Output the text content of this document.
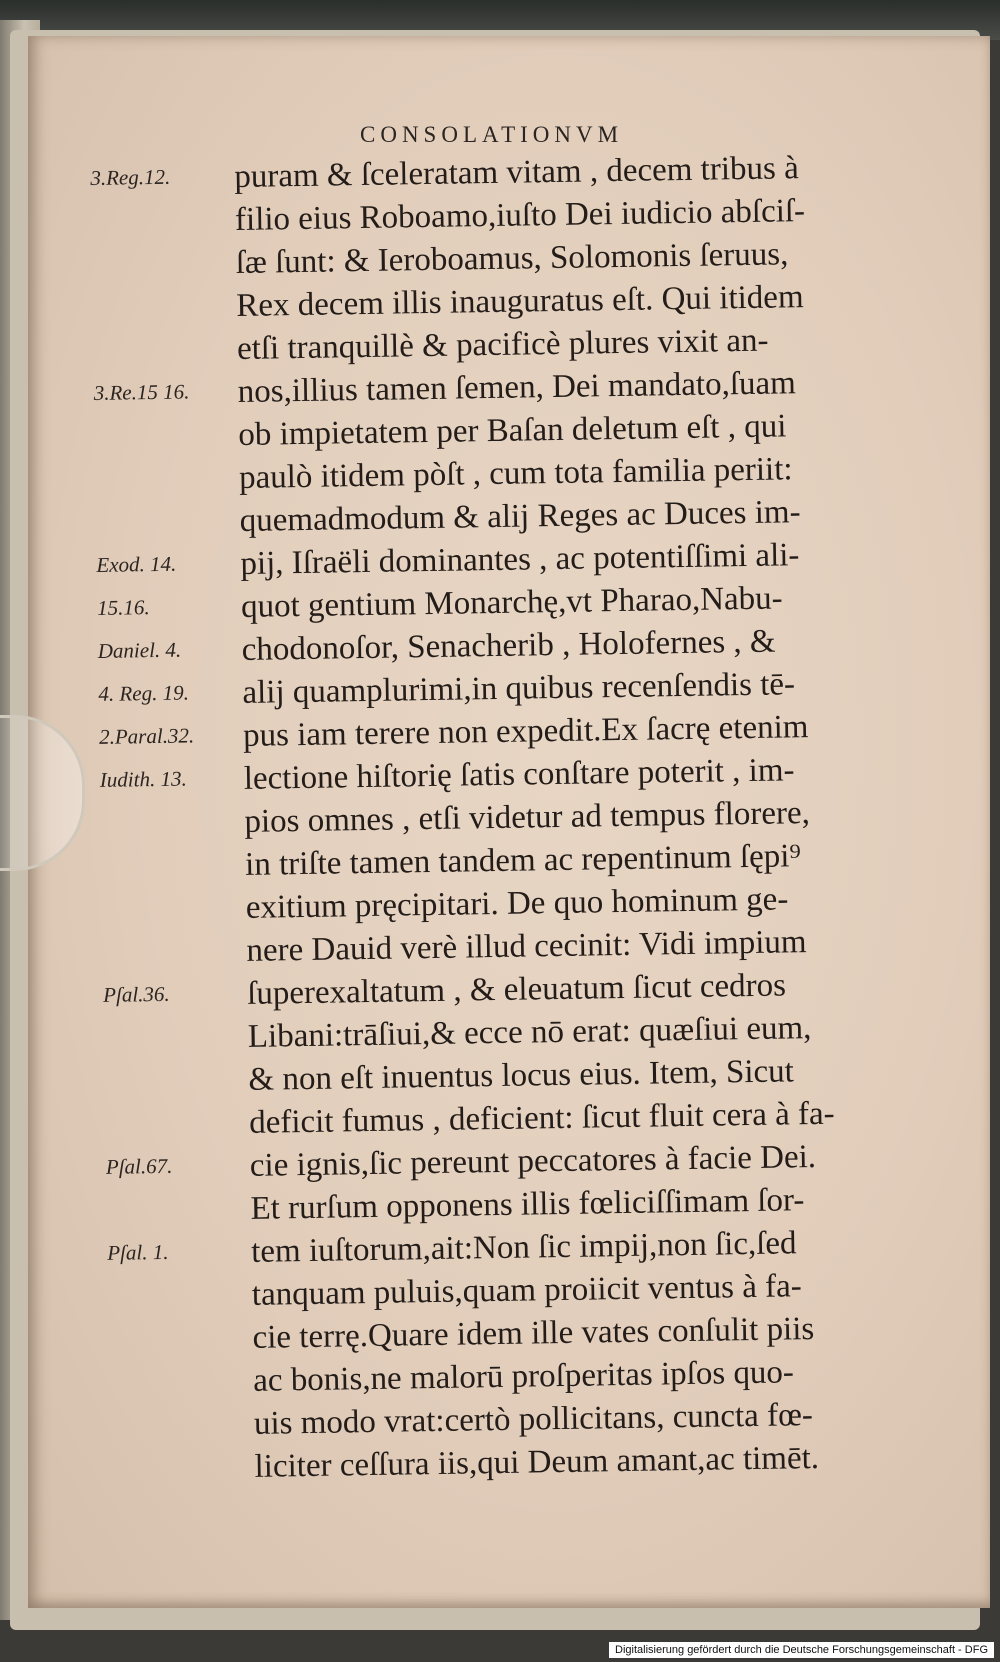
CONSOLATIONVM
3.Reg.12.
3.Re.15 16.
Exod. 14.
15.16.
Daniel. 4.
4. Reg. 19.
2.Paral.32.
Iudith. 13.
Pſal.36.
Pſal.67.
Pſal. 1.
puram & ſceleratam vitam , decem tribus à
filio eius Roboamo,iuſto Dei iudicio abſciſ-
ſæ ſunt: & Ieroboamus, Solomonis ſeruus,
Rex decem illis inauguratus eſt. Qui itidem
etſi tranquillè & pacificè plures vixit an-
nos,illius tamen ſemen, Dei mandato,ſuam
ob impietatem per Baſan deletum eſt , qui
paulò itidem pòſt , cum tota familia periit:
quemadmodum & alij Reges ac Duces im-
pij, Iſraëli dominantes , ac potentiſſimi ali-
quot gentium Monarchę,vt Pharao,Nabu-
chodonoſor, Senacherib , Holofernes , &
alij quamplurimi,in quibus recenſendis tē-
pus iam terere non expedit.Ex ſacrę etenim
lectione hiſtorię ſatis conſtare poterit , im-
pios omnes , etſi videtur ad tempus florere,
in triſte tamen tandem ac repentinum ſępi⁹
exitium pręcipitari. De quo hominum ge-
nere Dauid verè illud cecinit: Vidi impium
ſuperexaltatum , & eleuatum ſicut cedros
Libani:trāſiui,& ecce nō erat: quæſiui eum,
& non eſt inuentus locus eius. Item, Sicut
deficit fumus , deficient: ſicut fluit cera à fa-
cie ignis,ſic pereunt peccatores à facie Dei.
Et rurſum opponens illis fœliciſſimam ſor-
tem iuſtorum,ait:Non ſic impij,non ſic,ſed
tanquam puluis,quam proiicit ventus à fa-
cie terrę.Quare idem ille vates conſulit piis
ac bonis,ne malorū proſperitas ipſos quo-
uis modo vrat:certò pollicitans, cuncta fœ-
liciter ceſſura iis,qui Deum amant,ac timēt.
Digitalisierung gefördert durch die Deutsche Forschungsgemeinschaft - DFG
